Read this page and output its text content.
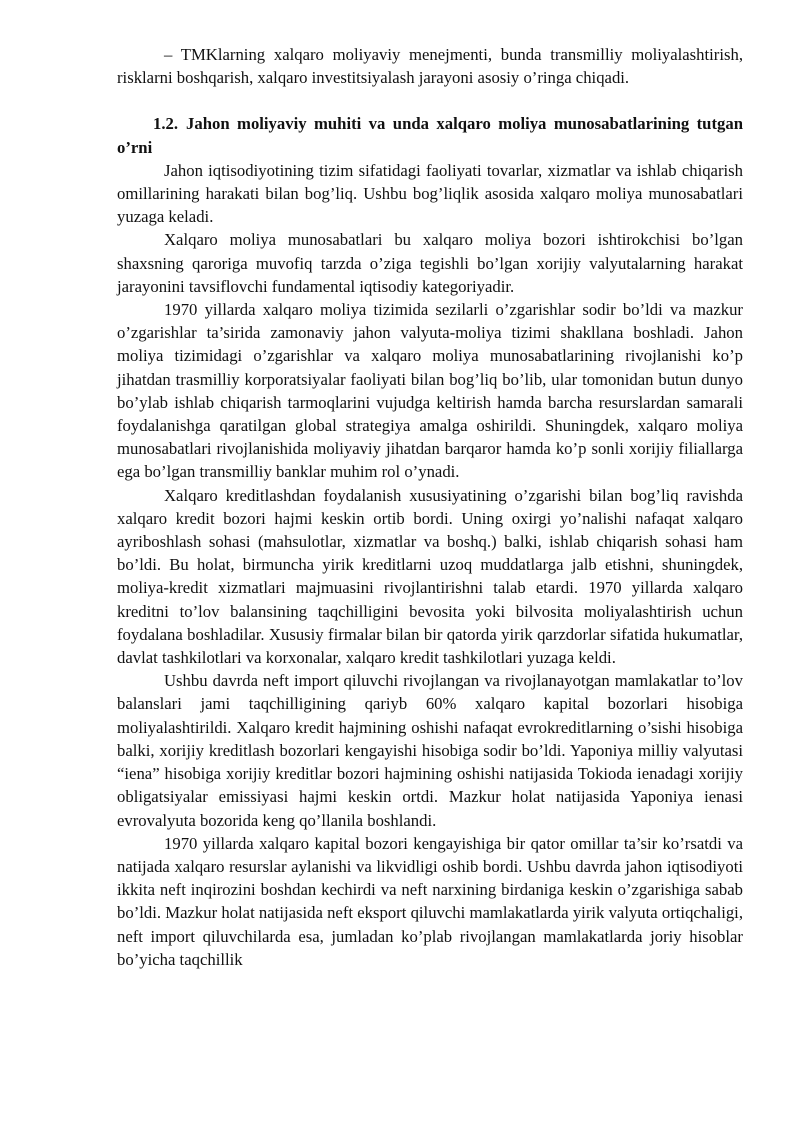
– TMKlarning xalqaro moliyaviy menejmenti, bunda transmilliy moliyalashtirish, risklarni boshqarish, xalqaro investitsiyalash jarayoni asosiy o’ringa chiqadi.

1.2. Jahon moliyaviy muhiti va unda xalqaro moliya munosabatlarining tutgan o’rni

Jahon iqtisodiyotining tizim sifatidagi faoliyati tovarlar, xizmatlar va ishlab chiqarish omillarining harakati bilan bog’liq. Ushbu bog’liqlik asosida xalqaro moliya munosabatlari yuzaga keladi.

Xalqaro moliya munosabatlari bu xalqaro moliya bozori ishtirokchisi bo’lgan shaxsning qaroriga muvofiq tarzda o’ziga tegishli bo’lgan xorijiy valyutalarning harakat jarayonini tavsiflovchi fundamental iqtisodiy kategoriyadir.

1970 yillarda xalqaro moliya tizimida sezilarli o’zgarishlar sodir bo’ldi va mazkur o’zgarishlar ta’sirida zamonaviy jahon valyuta-moliya tizimi shakllana boshladi. Jahon moliya tizimidagi o’zgarishlar va xalqaro moliya munosabatlarining rivojlanishi ko’p jihatdan trasmilliy korporatsiyalar faoliyati bilan bog’liq bo’lib, ular tomonidan butun dunyo bo’ylab ishlab chiqarish tarmoqlarini vujudga keltirish hamda barcha resurslardan samarali foydalanishga qaratilgan global strategiya amalga oshirildi. Shuningdek, xalqaro moliya munosabatlari rivojlanishida moliyaviy jihatdan barqaror hamda ko’p sonli xorijiy filiallarga ega bo’lgan transmilliy banklar muhim rol o’ynadi.

Xalqaro kreditlashdan foydalanish xususiyatining o’zgarishi bilan bog’liq ravishda xalqaro kredit bozori hajmi keskin ortib bordi. Uning oxirgi yo’nalishi nafaqat xalqaro ayriboshlash sohasi (mahsulotlar, xizmatlar va boshq.) balki, ishlab chiqarish sohasi ham bo’ldi. Bu holat, birmuncha yirik kreditlarni uzoq muddatlarga jalb etishni, shuningdek, moliya-kredit xizmatlari majmuasini rivojlantirishni talab etardi. 1970 yillarda xalqaro kreditni to’lov balansining taqchilligini bevosita yoki bilvosita moliyalashtirish uchun foydalana boshladilar. Xususiy firmalar bilan bir qatorda yirik qarzdorlar sifatida hukumatlar, davlat tashkilotlari va korxonalar, xalqaro kredit tashkilotlari yuzaga keldi.

Ushbu davrda neft import qiluvchi rivojlangan va rivojlanayotgan mamlakatlar to’lov balanslari jami taqchilligining qariyb 60% xalqaro kapital bozorlari hisobiga moliyalashtirildi. Xalqaro kredit hajmining oshishi nafaqat evrokreditlarning o’sishi hisobiga balki, xorijiy kreditlash bozorlari kengayishi hisobiga sodir bo’ldi. Yaponiya milliy valyutasi “iena” hisobiga xorijiy kreditlar bozori hajmining oshishi natijasida Tokioda ienadagi xorijiy obligatsiyalar emissiyasi hajmi keskin ortdi. Mazkur holat natijasida Yaponiya ienasi evrovalyuta bozorida keng qo’llanila boshlandi.

1970 yillarda xalqaro kapital bozori kengayishiga bir qator omillar ta’sir ko’rsatdi va natijada xalqaro resurslar aylanishi va likvidligi oshib bordi. Ushbu davrda jahon iqtisodiyoti ikkita neft inqirozini boshdan kechirdi va neft narxining birdaniga keskin o’zgarishiga sabab bo’ldi. Mazkur holat natijasida neft eksport qiluvchi mamlakatlarda yirik valyuta ortiqchaligi, neft import qiluvchilarda esa, jumladan ko’plab rivojlangan mamlakatlarda joriy hisoblar bo’yicha taqchillik
